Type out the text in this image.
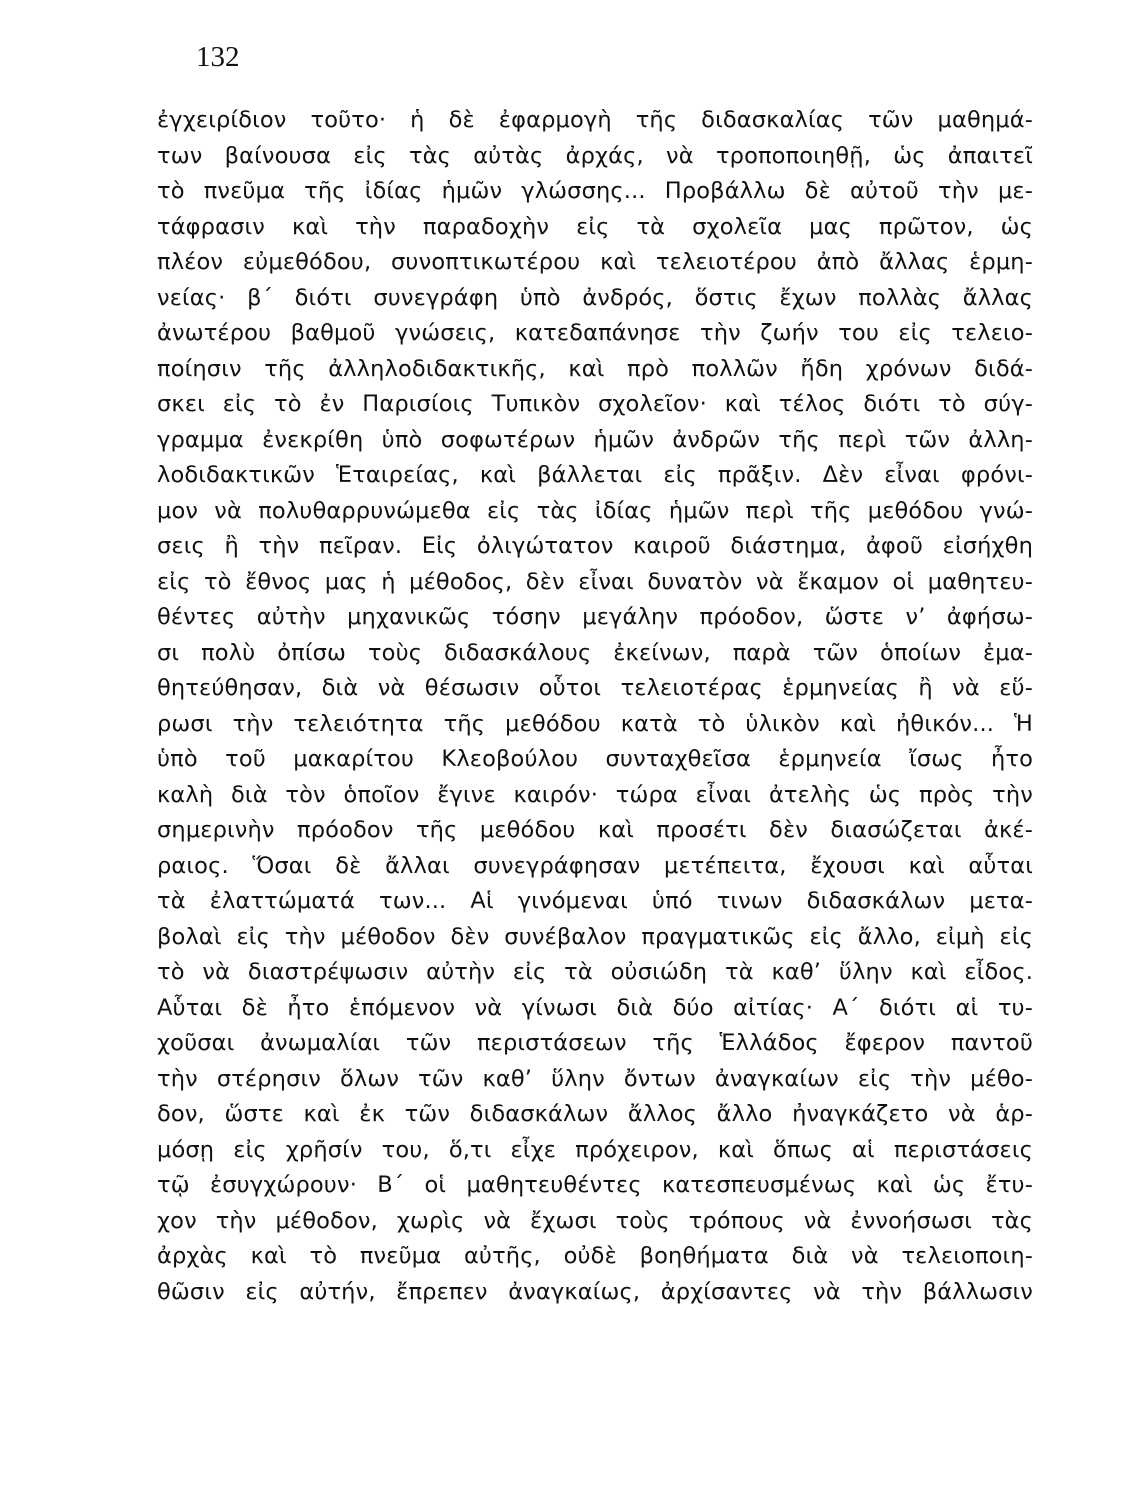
132
ἐγχειρίδιον τοῦτο· ἡ δὲ ἐφαρμογὴ τῆς διδασκαλίας τῶν μαθημά-
των βαίνουσα εἰς τὰς αὐτὰς ἀρχάς, νὰ τροποποιηθῇ, ὡς ἀπαιτεῖ
τὸ πνεῦμα τῆς ἰδίας ἡμῶν γλώσσης... Προβάλλω δὲ αὐτοῦ τὴν με-
τάφρασιν καὶ τὴν παραδοχὴν εἰς τὰ σχολεῖα μας πρῶτον, ὡς
πλέον εὐμεθόδου, συνοπτικωτέρου καὶ τελειοτέρου ἀπὸ ἄλλας ἑρμη-
νείας· β΄ διότι συνεγράφη ὑπὸ ἀνδρός, ὅστις ἔχων πολλὰς ἄλλας
ἀνωτέρου βαθμοῦ γνώσεις, κατεδαπάνησε τὴν ζωήν του εἰς τελειο-
ποίησιν τῆς ἀλληλοδιδακτικῆς, καὶ πρὸ πολλῶν ἤδη χρόνων διδά-
σκει εἰς τὸ ἐν Παρισίοις Τυπικὸν σχολεῖον· καὶ τέλος διότι τὸ σύγ-
γραμμα ἐνεκρίθη ὑπὸ σοφωτέρων ἡμῶν ἀνδρῶν τῆς περὶ τῶν ἀλλη-
λοδιδακτικῶν Ἑταιρείας, καὶ βάλλεται εἰς πρᾶξιν. Δὲν εἶναι φρόνι-
μον νὰ πολυθαρρυνώμεθα εἰς τὰς ἰδίας ἡμῶν περὶ τῆς μεθόδου γνώ-
σεις ἢ τὴν πεῖραν. Εἰς ὀλιγώτατον καιροῦ διάστημα, ἀφοῦ εἰσήχθη
εἰς τὸ ἔθνος μας ἡ μέθοδος, δὲν εἶναι δυνατὸν νὰ ἔκαμον οἱ μαθητευ-
θέντες αὐτὴν μηχανικῶς τόσην μεγάλην πρόοδον, ὥστε ν’ ἀφήσω-
σι πολὺ ὀπίσω τοὺς διδασκάλους ἐκείνων, παρὰ τῶν ὁποίων ἐμα-
θητεύθησαν, διὰ νὰ θέσωσιν οὗτοι τελειοτέρας ἑρμηνείας ἢ νὰ εὕ-
ρωσι τὴν τελειότητα τῆς μεθόδου κατὰ τὸ ὑλικὸν καὶ ἠθικόν... Ἡ
ὑπὸ τοῦ μακαρίτου Κλεοβούλου συνταχθεῖσα ἑρμηνεία ἴσως ἦτο
καλὴ διὰ τὸν ὁποῖον ἔγινε καιρόν· τώρα εἶναι ἀτελὴς ὡς πρὸς τὴν
σημερινὴν πρόοδον τῆς μεθόδου καὶ προσέτι δὲν διασώζεται ἀκέ-
ραιος. Ὅσαι δὲ ἄλλαι συνεγράφησαν μετέπειτα, ἔχουσι καὶ αὗται
τὰ ἐλαττώματά των... Αἱ γινόμεναι ὑπό τινων διδασκάλων μετα-
βολαὶ εἰς τὴν μέθοδον δὲν συνέβαλον πραγματικῶς εἰς ἄλλο, εἰμὴ εἰς
τὸ νὰ διαστρέψωσιν αὐτὴν εἰς τὰ οὐσιώδη τὰ καθ’ ὕλην καὶ εἶδος.
Αὗται δὲ ἦτο ἑπόμενον νὰ γίνωσι διὰ δύο αἰτίας· Α΄ διότι αἱ τυ-
χοῦσαι ἀνωμαλίαι τῶν περιστάσεων τῆς Ἑλλάδος ἔφερον παντοῦ
τὴν στέρησιν ὅλων τῶν καθ’ ὕλην ὄντων ἀναγκαίων εἰς τὴν μέθο-
δον, ὥστε καὶ ἐκ τῶν διδασκάλων ἄλλος ἄλλο ἠναγκάζετο νὰ ἁρ-
μόσῃ εἰς χρῆσίν του, ὅ,τι εἶχε πρόχειρον, καὶ ὅπως αἱ περιστάσεις
τῷ ἐσυγχώρουν· Β΄ οἱ μαθητευθέντες κατεσπευσμένως καὶ ὡς ἔτυ-
χον τὴν μέθοδον, χωρὶς νὰ ἔχωσι τοὺς τρόπους νὰ ἐννοήσωσι τὰς
ἀρχὰς καὶ τὸ πνεῦμα αὐτῆς, οὐδὲ βοηθήματα διὰ νὰ τελειοποιη-
θῶσιν εἰς αὐτήν, ἔπρεπεν ἀναγκαίως, ἀρχίσαντες νὰ τὴν βάλλωσιν
